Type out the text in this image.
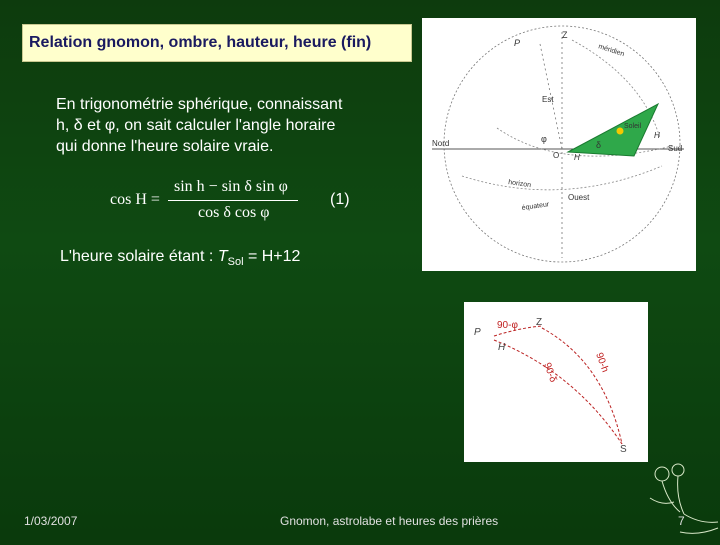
Relation gnomon, ombre, hauteur, heure (fin)
En trigonométrie sphérique, connaissant
h, δ et φ, on sait calculer l'angle horaire
qui donne l'heure solaire vraie.
cos H =
sin h − sin δ sin φ
cos δ cos φ
(1)
L'heure solaire étant : $T_{Sol} = H+12$
Z
P
méridien
Est
Soleil
H
Sud
Nord	φ
O H
δ
horizon
équateur
Ouest
P
90-φ Z
H
90-δ	90-h
S
1/03/2007	Gnomon, astrolabe et heures des prières	7
